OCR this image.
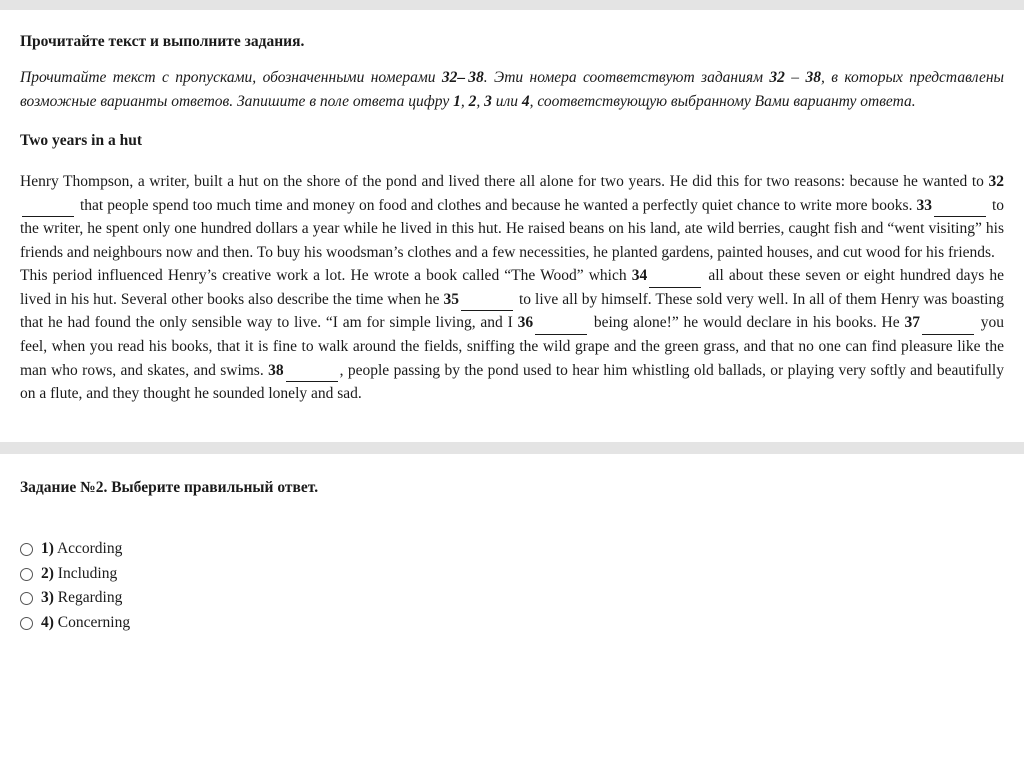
Прочитайте текст и выполните задания.
Прочитайте текст с пропусками, обозначенными номерами 32– 38. Эти номера соответствуют заданиям 32 – 38, в которых представлены возможные варианты ответов. Запишите в поле ответа цифру 1, 2, 3 или 4, соответствующую выбранному Вами варианту ответа.
Two years in a hut

Henry Thompson, a writer, built a hut on the shore of the pond and lived there all alone for two years. He did this for two reasons: because he wanted to 32 that people spend too much time and money on food and clothes and because he wanted a perfectly quiet chance to write more books. 33	to the writer, he spent only one hundred dollars a year while he lived in this hut. He raised beans on his land, ate wild berries, caught fish and “went visiting” his friends and neighbours now and then. To buy his woodsman’s clothes and a few necessities, he planted gardens, painted houses, and cut wood for his friends.

This period influenced Henry’s creative work a lot. He wrote a book called “The Wood” which 34	all about these seven or eight hundred days he lived in his hut. Several other books also describe the time when he 35	to live all by himself. These sold very well. In all of them Henry was boasting that he had found the only sensible way to live. “I am for simple living, and I 36	being alone!” he would declare in his books. He 37	you feel, when you read his books, that it is fine to walk around the fields, sniffing the wild grape and the green grass, and that no one can find pleasure like the man who rows, and skates, and swims. 38	, people passing by the pond used to hear him whistling old ballads, or playing very softly and beautifully on a flute, and they thought he sounded lonely and sad.

Задание №2. Выберите правильный ответ.
1) According
2) Including
3) Regarding
4) Concerning
